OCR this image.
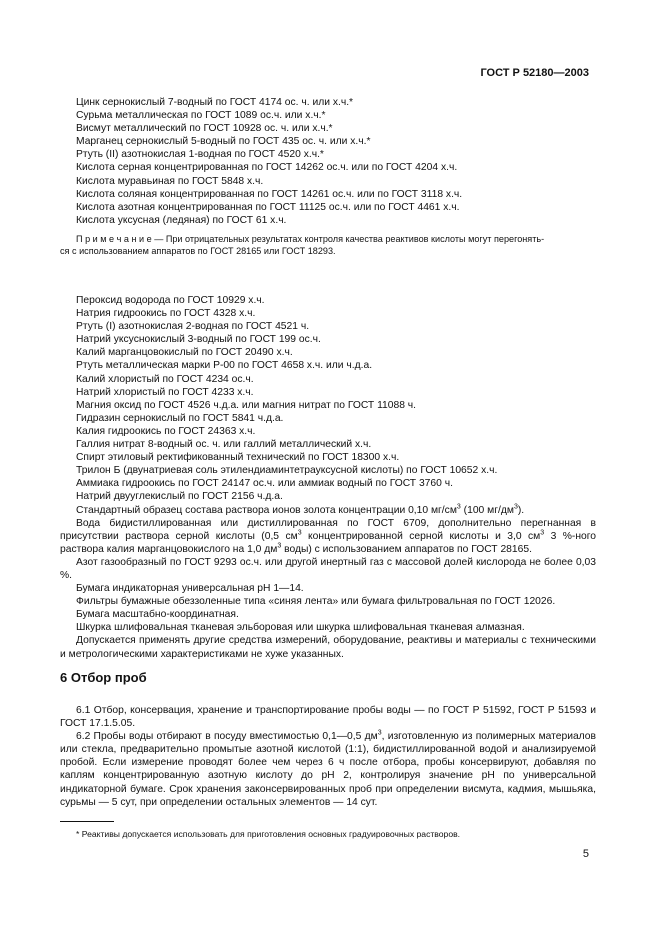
ГОСТ Р 52180—2003
Цинк сернокислый 7-водный по ГОСТ 4174 ос. ч. или х.ч.*
Сурьма металлическая по ГОСТ 1089 ос.ч. или х.ч.*
Висмут металлический по ГОСТ 10928 ос. ч. или х.ч.*
Марганец сернокислый 5-водный по ГОСТ 435 ос. ч. или х.ч.*
Ртуть (II) азотнокислая 1-водная по ГОСТ 4520 х.ч.*
Кислота серная концентрированная по ГОСТ 14262 ос.ч. или по ГОСТ 4204 х.ч.
Кислота муравьиная по ГОСТ 5848 х.ч.
Кислота соляная концентрированная по ГОСТ 14261 ос.ч. или по ГОСТ 3118 х.ч.
Кислота азотная концентрированная по ГОСТ 11125 ос.ч. или по ГОСТ 4461 х.ч.
Кислота уксусная (ледяная) по ГОСТ 61 х.ч.
П р и м е ч а н и е — При отрицательных результатах контроля качества реактивов кислоты могут перегонять-
ся с использованием аппаратов по ГОСТ 28165 или ГОСТ 18293.
Пероксид водорода по ГОСТ 10929 х.ч.
Натрия гидроокись по ГОСТ 4328 х.ч.
Ртуть (I) азотнокислая 2-водная по ГОСТ 4521 ч.
Натрий уксуснокислый 3-водный по ГОСТ 199 ос.ч.
Калий марганцовокислый по ГОСТ 20490 х.ч.
Ртуть металлическая марки Р-00 по ГОСТ 4658 х.ч. или ч.д.а.
Калий хлористый по ГОСТ 4234 ос.ч.
Натрий хлористый по ГОСТ 4233 х.ч.
Магния оксид по ГОСТ 4526 ч.д.а. или магния нитрат по ГОСТ 11088 ч.
Гидразин сернокислый по ГОСТ 5841 ч.д.а.
Калия гидроокись по ГОСТ 24363 х.ч.
Галлия нитрат 8-водный ос. ч. или галлий металлический х.ч.
Спирт этиловый ректификованный технический по ГОСТ 18300 х.ч.
Трилон Б (двунатриевая соль этилендиаминтетрауксусной кислоты) по ГОСТ 10652 х.ч.
Аммиака гидроокись по ГОСТ 24147 ос.ч. или аммиак водный по ГОСТ 3760 ч.
Натрий двууглекислый по ГОСТ 2156 ч.д.а.
Стандартный образец состава раствора ионов золота концентрации 0,10 $мг/см^3$ (100 $мг/дм^3$).
Вода бидистиллированная или дистиллированная по ГОСТ 6709, дополнительно перегнанная в присутствии раствора серной кислоты (0,5 $см^3$ концентрированной серной кислоты и 3,0 $см^3$ 3 %-ного раствора калия марганцовокислого на 1,0 $дм^3$ воды) с использованием аппаратов по ГОСТ 28165.
Азот газообразный по ГОСТ 9293 ос.ч. или другой инертный газ с массовой долей кислорода не более 0,03 %.
Бумага индикаторная универсальная рН 1—14.
Фильтры бумажные обеззоленные типа «синяя лента» или бумага фильтровальная по ГОСТ 12026.
Бумага масштабно-координатная.
Шкурка шлифовальная тканевая эльборовая или шкурка шлифовальная тканевая алмазная.
Допускается применять другие средства измерений, оборудование, реактивы и материалы с техническими и метрологическими характеристиками не хуже указанных.
6 Отбор проб

6.1 Отбор, консервация, хранение и транспортирование пробы воды — по ГОСТ Р 51592, ГОСТ Р 51593 и ГОСТ 17.1.5.05.

6.2 Пробы воды отбирают в посуду вместимостью 0,1—0,5 $дм^3$, изготовленную из полимерных материалов или стекла, предварительно промытые азотной кислотой (1:1), бидистиллированной водой и анализируемой пробой. Если измерение проводят более чем через 6 ч после отбора, пробы консервируют, добавляя по каплям концентрированную азотную кислоту до рН 2, контролируя значение рН по универсальной индикаторной бумаге. Срок хранения законсервированных проб при определении висмута, кадмия, мышьяка, сурьмы — 5 сут, при определении остальных элементов — 14 сут.

* Реактивы допускается использовать для приготовления основных градуировочных растворов.
5
